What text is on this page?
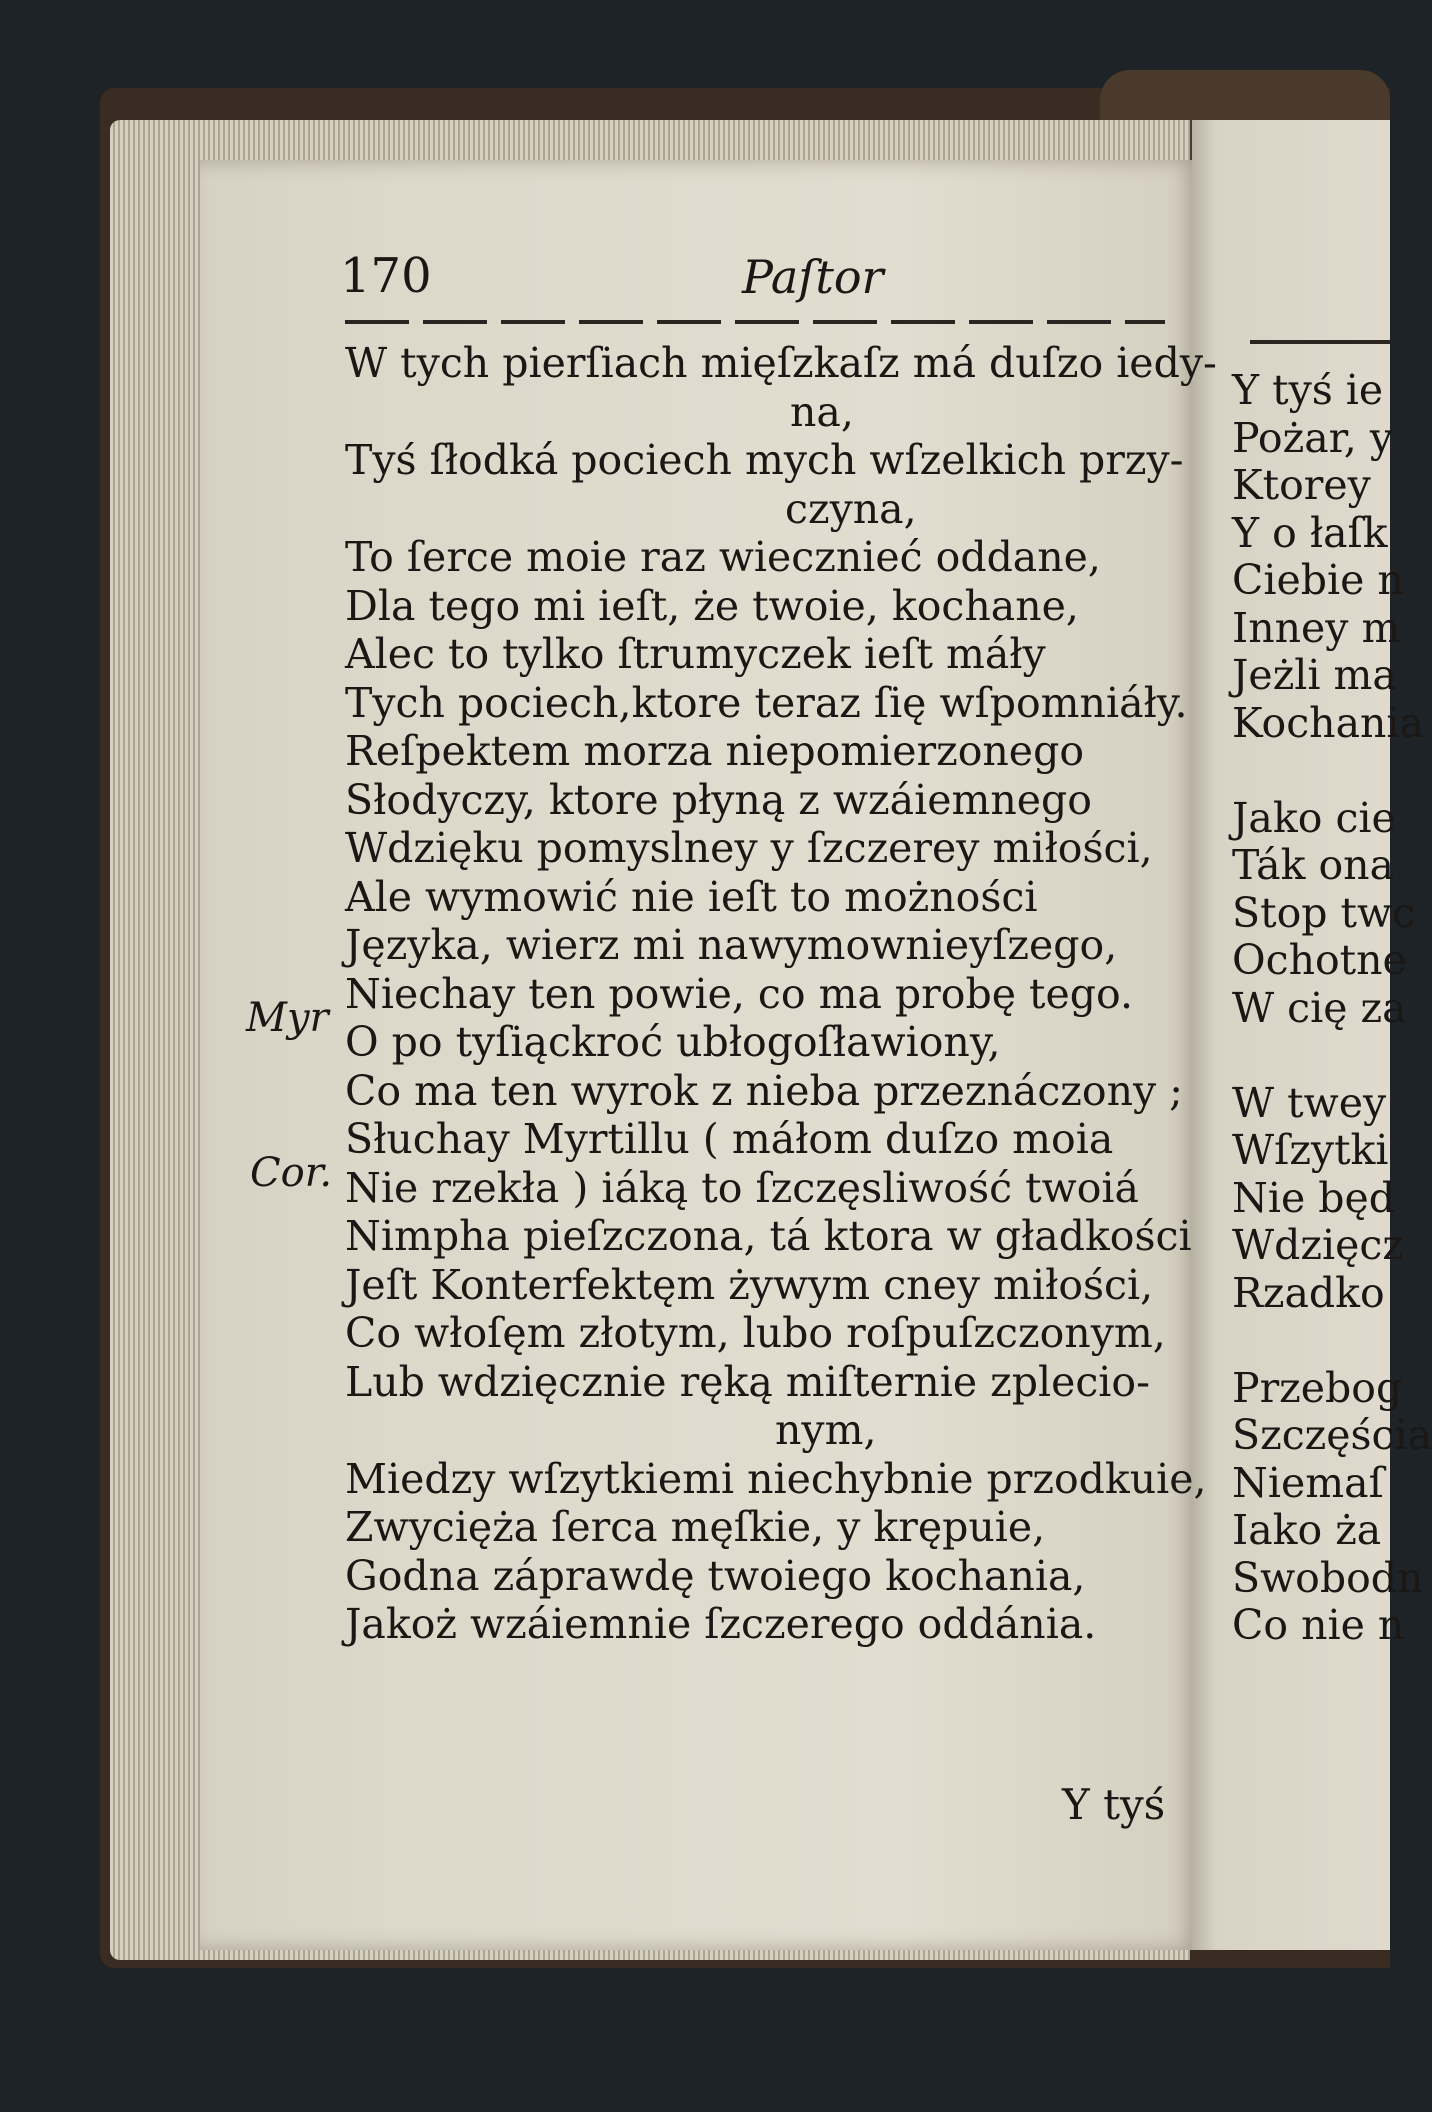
170	Paſtor
W tych pierſiach mięſzkaſz má duſzo iedy-
na,
Tyś ſłodká pociech mych wſzelkich przy-
czyna,
To ſerce moie raz wiecznieć oddane,
Dla tego mi ieſt, że twoie, kochane,
Alec to tylko ſtrumyczek ieſt máły
Tych pociech,ktore teraz ſię wſpomniáły.
Reſpektem morza niepomierzonego
Słodyczy, ktore płyną z wzáiemnego
Wdzięku pomyslney y ſzczerey miłości,
Ale wymowić nie ieſt to możności
Języka, wierz mi nawymownieyſzego,
Niechay ten powie, co ma probę tego.
O po tyſiąckroć ubłogoſławiony,
Co ma ten wyrok z nieba przeznáczony ;
Słuchay Myrtillu ( máłom duſzo moia
Nie rzekła ) iáką to ſzczęsliwość twoiá
Nimpha pieſzczona, tá ktora w gładkości
Jeſt Konterfektęm żywym cney miłości,
Co włoſęm złotym, lubo roſpuſzczonym,
Lub wdzięcznie ręką miſternie zpleciо-
nym,
Miedzy wſzytkiemi niechybnie przodkuie,
Zwycięża ſerca męſkie, y krępuie,
Godna záprawdę twoiego kochania,
Jakoż wzáiemnie ſzczerego oddánia.
Y tyś ie
Pożar, y
Ktorey
Y o łaſk
Ciebie n
Inney m
Jeżli ma
Kochania
Jako cie
Ták ona
Stop twc
Ochotne
W cię za
W twey
Wſzytki
Nie będ
Wdzięcz
Rzadko
Przebog
Szczęścia
Niemaſ
Iako ża
Swobodn
Co nie n
Myr
Cor.
Y tyś
